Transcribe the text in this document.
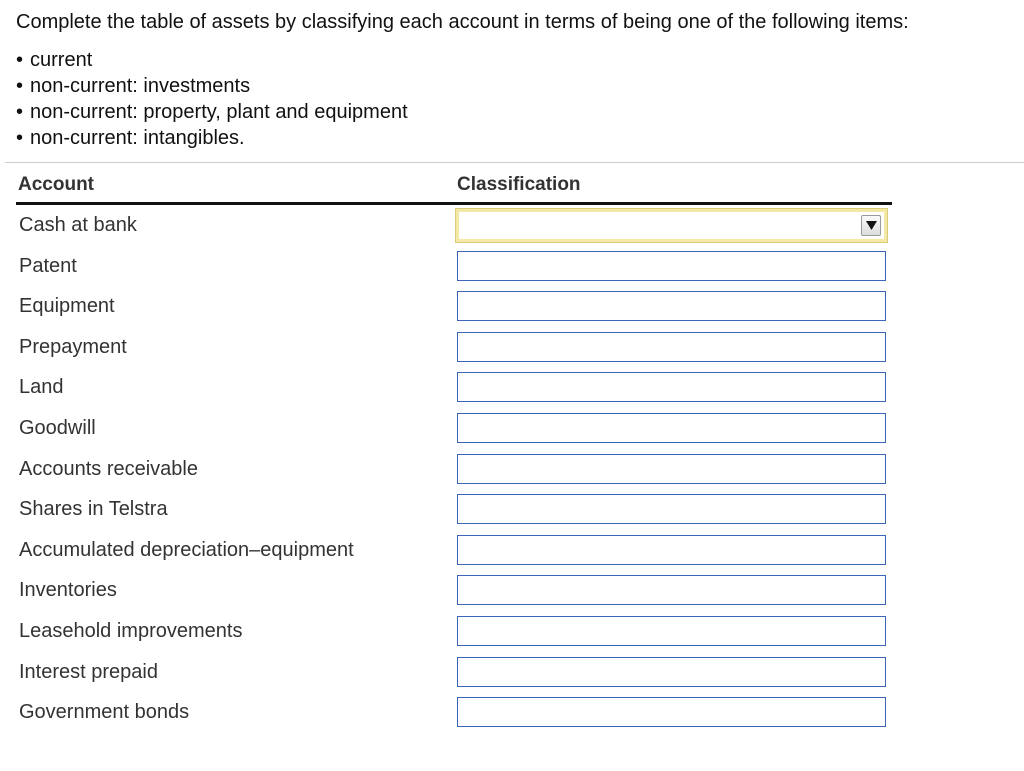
Complete the table of assets by classifying each account in terms of being one of the following items:

• current
• non-current: investments
• non-current: property, plant and equipment
• non-current: intangibles.
Account	Classification
Cash at bank
Patent
Equipment
Prepayment
Land
Goodwill
Accounts receivable
Shares in Telstra
Accumulated depreciation–equipment
Inventories
Leasehold improvements
Interest prepaid
Government bonds
